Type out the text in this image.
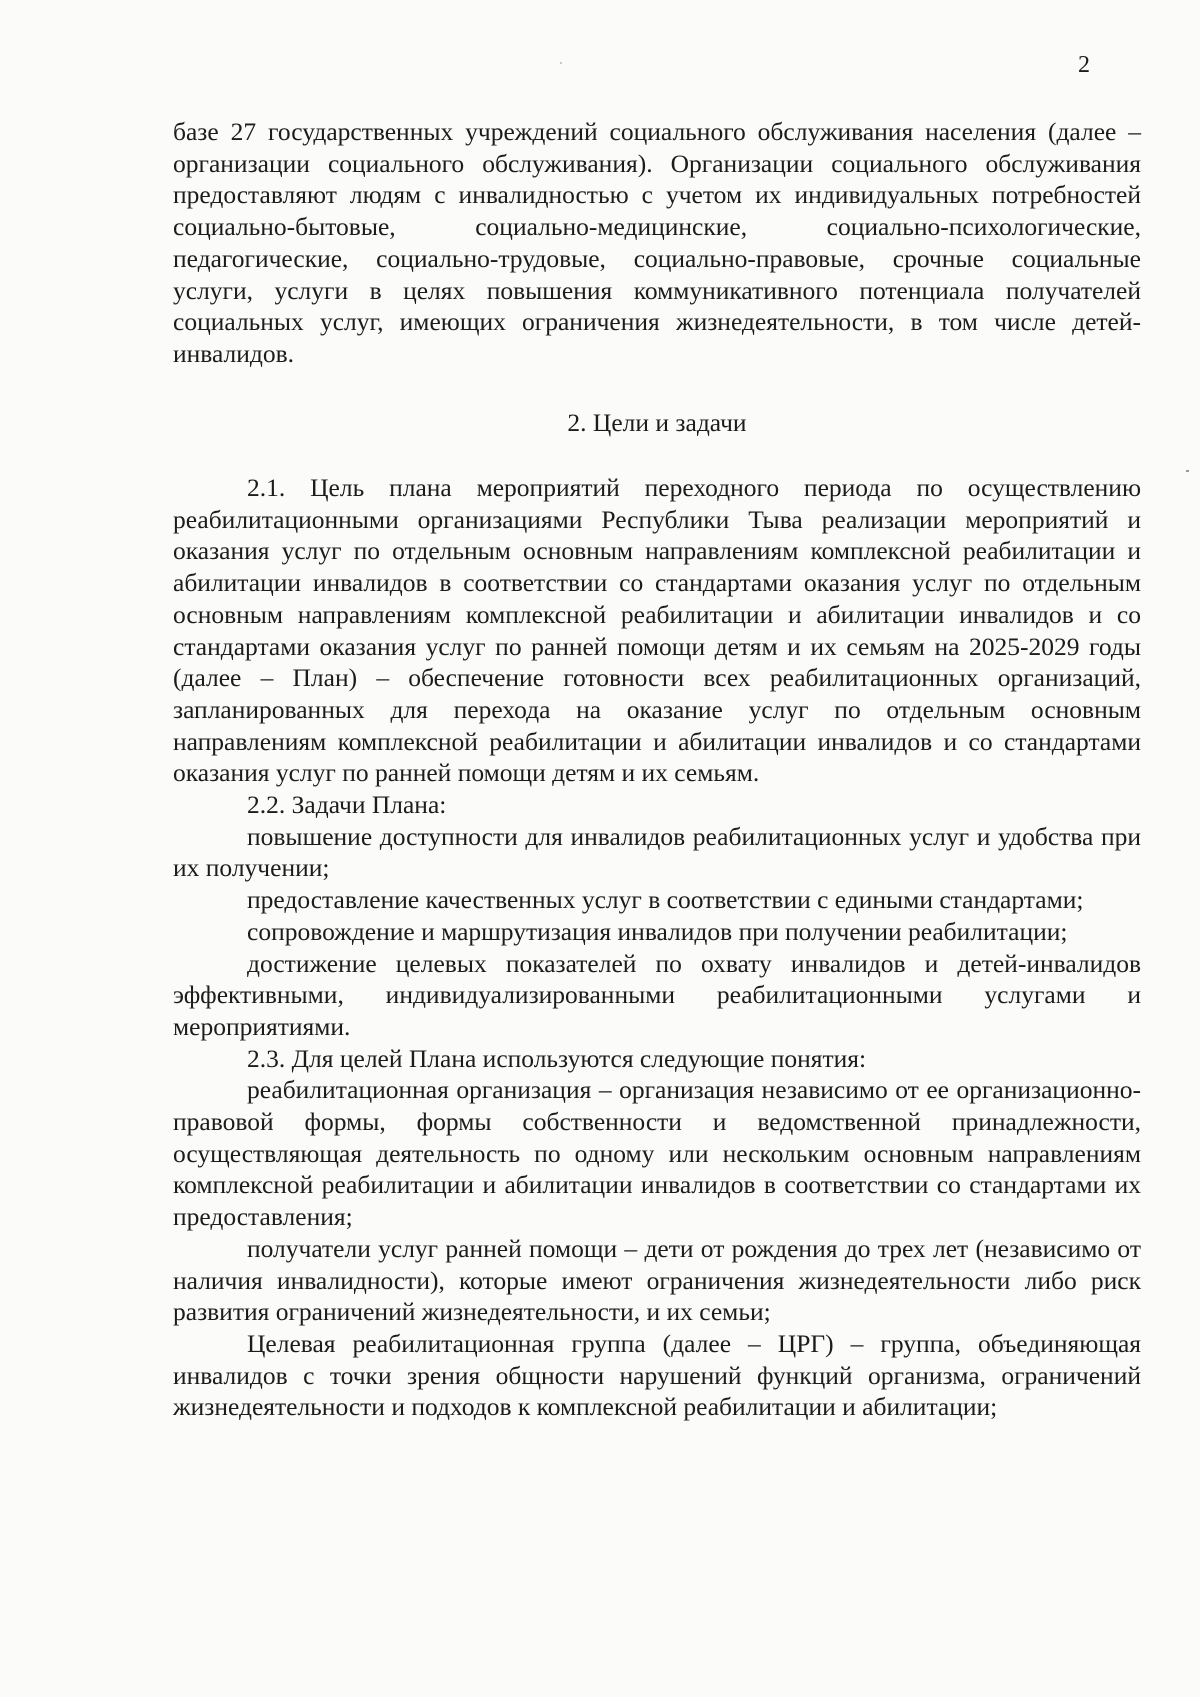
2

базе 27 государственных учреждений социального обслуживания населения (далее – организации социального обслуживания). Организации социального обслуживания предоставляют людям с инвалидностью с учетом их индивидуальных потребностей социально-бытовые, социально-медицинские, социально-психологические, педагогические, социально-трудовые, социально-правовые, срочные социальные услуги, услуги в целях повышения коммуникативного потенциала получателей социальных услуг, имеющих ограничения жизнедеятельности, в том числе детей-инвалидов.

2. Цели и задачи

2.1. Цель плана мероприятий переходного периода по осуществлению реабилитационными организациями Республики Тыва реализации мероприятий и оказания услуг по отдельным основным направлениям комплексной реабилитации и абилитации инвалидов в соответствии со стандартами оказания услуг по отдельным основным направлениям комплексной реабилитации и абилитации инвалидов и со стандартами оказания услуг по ранней помощи детям и их семьям на 2025-2029 годы (далее – План) – обеспечение готовности всех реабилитационных организаций, запланированных для перехода на оказание услуг по отдельным основным направлениям комплексной реабилитации и абилитации инвалидов и со стандартами оказания услуг по ранней помощи детям и их семьям.

2.2. Задачи Плана:

повышение доступности для инвалидов реабилитационных услуг и удобства при их получении;

предоставление качественных услуг в соответствии с едиными стандартами;

сопровождение и маршрутизация инвалидов при получении реабилитации;

достижение целевых показателей по охвату инвалидов и детей-инвалидов эффективными, индивидуализированными реабилитационными услугами и мероприятиями.

2.3. Для целей Плана используются следующие понятия:

реабилитационная организация – организация независимо от ее организационно-правовой формы, формы собственности и ведомственной принадлежности, осуществляющая деятельность по одному или нескольким основным направлениям комплексной реабилитации и абилитации инвалидов в соответствии со стандартами их предоставления;

получатели услуг ранней помощи – дети от рождения до трех лет (независимо от наличия инвалидности), которые имеют ограничения жизнедеятельности либо риск развития ограничений жизнедеятельности, и их семьи;

Целевая реабилитационная группа (далее – ЦРГ) – группа, объединяющая инвалидов с точки зрения общности нарушений функций организма, ограничений жизнедеятельности и подходов к комплексной реабилитации и абилитации;
